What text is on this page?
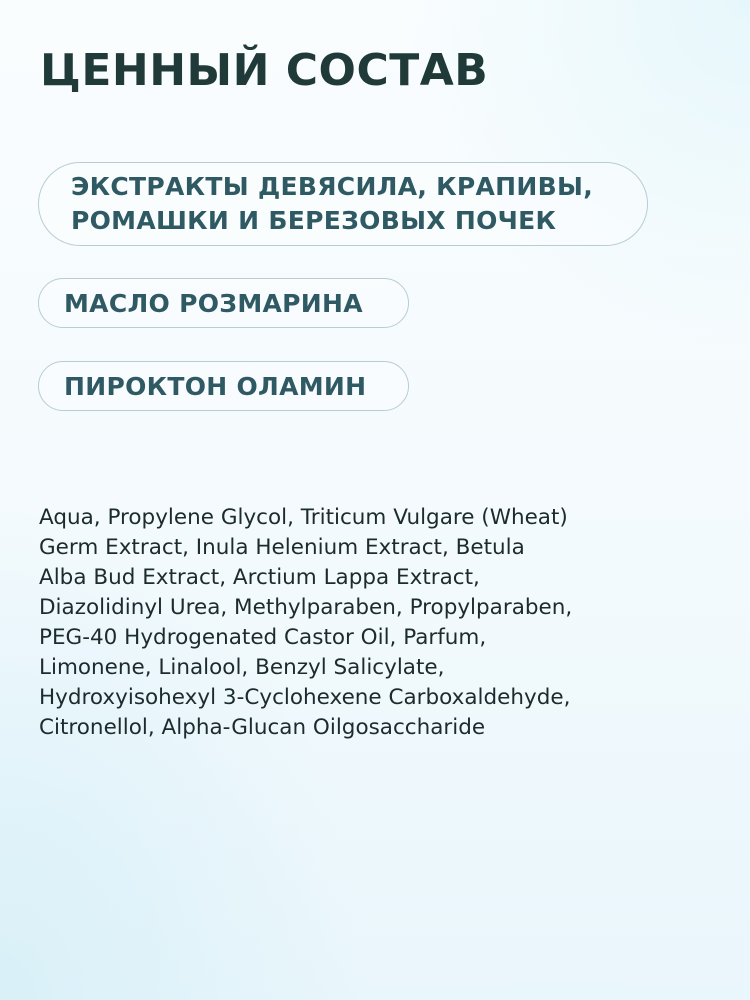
ЦЕННЫЙ СОСТАВ
ЭКСТРАКТЫ ДЕВЯСИЛА, КРАПИВЫ,
РОМАШКИ И БЕРЕЗОВЫХ ПОЧЕК
МАСЛО РОЗМАРИНА
ПИРОКТОН ОЛАМИН

Aqua, Propylene Glycol, Triticum Vulgare (Wheat)
Germ Extract, Inula Helenium Extract, Betula
Alba Bud Extract, Arctium Lappa Extract,
Diazolidinyl Urea, Methylparaben, Propylparaben,
PEG-40 Hydrogenated Castor Oil, Parfum,
Limonene, Linalool, Benzyl Salicylate,
Hydroxyisohexyl 3-Cyclohexene Carboxaldehyde,
Citronellol, Alpha-Glucan Oilgosaccharide
